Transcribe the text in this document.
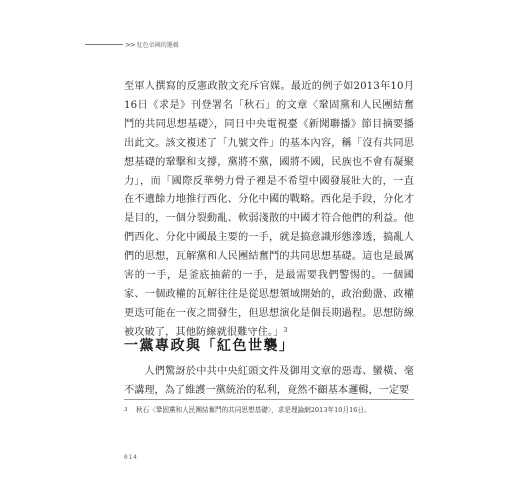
>> 紅色帝國的邏輯

至軍人撰寫的反憲政散文充斥官媒。最近的例子如2013年10月16日《求是》刊登署名「秋石」的文章〈鞏固黨和人民團結奮鬥的共同思想基礎〉，同日中央電視臺《新聞聯播》節目摘要播出此文。該文複述了「九號文件」的基本內容，稱「沒有共同思想基礎的鞏擊和支撐，黨將不黨，國將不國，民族也不會有凝聚力」，而「國際反華勢力骨子裡是不希望中國發展壯大的，一直在不遺餘力地推行西化、分化中國的戰略。西化是手段，分化才是目的，一個分裂動亂、軟弱淺散的中國才符合他們的利益。他們西化、分化中國最主要的一手，就是搞意識形態滲透，搞亂人們的思想，瓦解黨和人民團結奮鬥的共同思想基礎。這也是最厲害的一手，是釜底抽薪的一手，是最需要我們警惕的。一個國家、一個政權的瓦解往往是從思想領域開始的，政治動盪、政權更迭可能在一夜之間發生，但思想演化是個長期過程。思想防線被攻破了，其他防線就很難守住。」$^3$

一黨專政與「紅色世襲」

人們驚訝於中共中央紅頭文件及御用文章的惡毒、蠻橫、毫不講理，為了維護一黨統治的私利，竟然不顧基本邏輯，一定要

3	秋石〈鞏固黨和人民團結奮鬥的共同思想基礎〉，求是理論網2013年10月16日。
014
